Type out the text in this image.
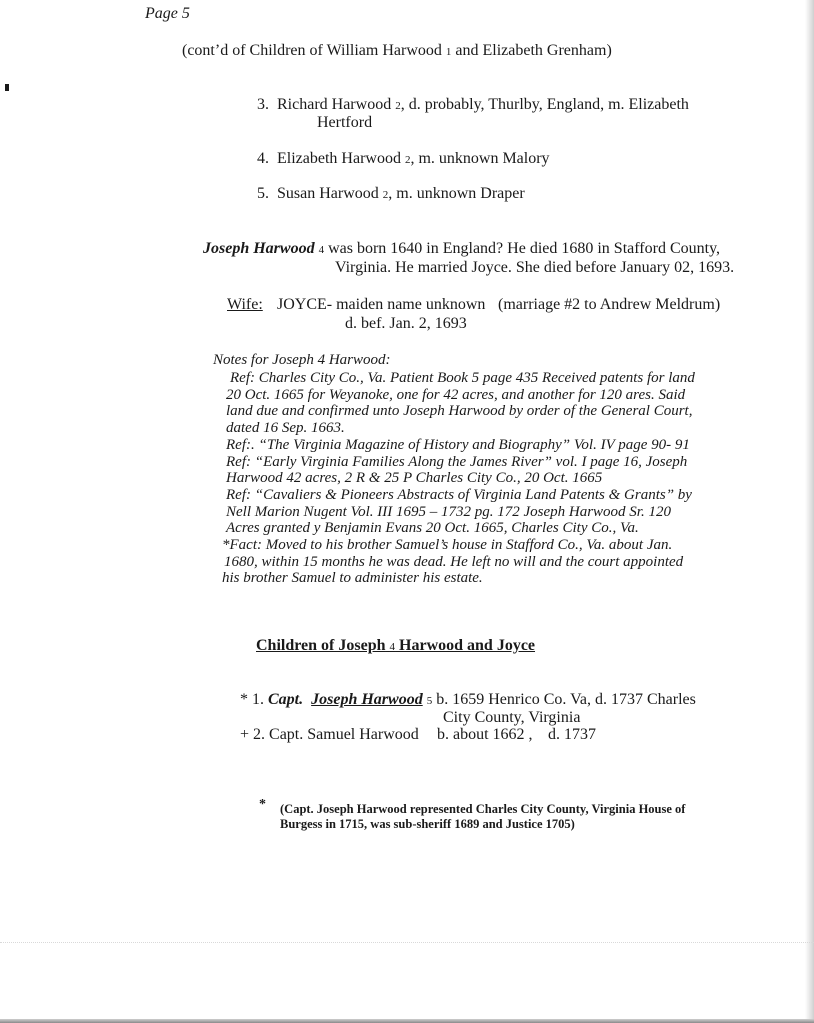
Page 5
(cont’d of Children of William Harwood 1 and Elizabeth Grenham)
3. Richard Harwood 2, d. probably, Thurlby, England, m. Elizabeth
Hertford
4. Elizabeth Harwood 2, m. unknown Malory
5. Susan Harwood 2, m. unknown Draper
Joseph Harwood 4 was born 1640 in England? He died 1680 in Stafford County,
Virginia. He married Joyce. She died before January 02, 1693.
Wife: JOYCE- maiden name unknown (marriage #2 to Andrew Meldrum)
d. bef. Jan. 2, 1693
Notes for Joseph 4 Harwood:
Ref: Charles City Co., Va. Patient Book 5 page 435 Received patents for land
20 Oct. 1665 for Weyanoke, one for 42 acres, and another for 120 ares. Said
land due and confirmed unto Joseph Harwood by order of the General Court,
dated 16 Sep. 1663.
Ref:. “The Virginia Magazine of History and Biography” Vol. IV page 90- 91
Ref: “Early Virginia Families Along the James River” vol. I page 16, Joseph
Harwood 42 acres, 2 R & 25 P Charles City Co., 20 Oct. 1665
Ref: “Cavaliers & Pioneers Abstracts of Virginia Land Patents & Grants” by
Nell Marion Nugent Vol. III 1695 – 1732 pg. 172 Joseph Harwood Sr. 120
Acres granted y Benjamin Evans 20 Oct. 1665, Charles City Co., Va.
*Fact: Moved to his brother Samuel’s house in Stafford Co., Va. about Jan.
1680, within 15 months he was dead. He left no will and the court appointed
his brother Samuel to administer his estate.
Children of Joseph 4 Harwood and Joyce
* 1. Capt. Joseph Harwood 5 b. 1659 Henrico Co. Va, d. 1737 Charles
City County, Virginia
+ 2. Capt. Samuel Harwood b. about 1662 , d. 1737
* (Capt. Joseph Harwood represented Charles City County, Virginia House of
Burgess in 1715, was sub-sheriff 1689 and Justice 1705)
